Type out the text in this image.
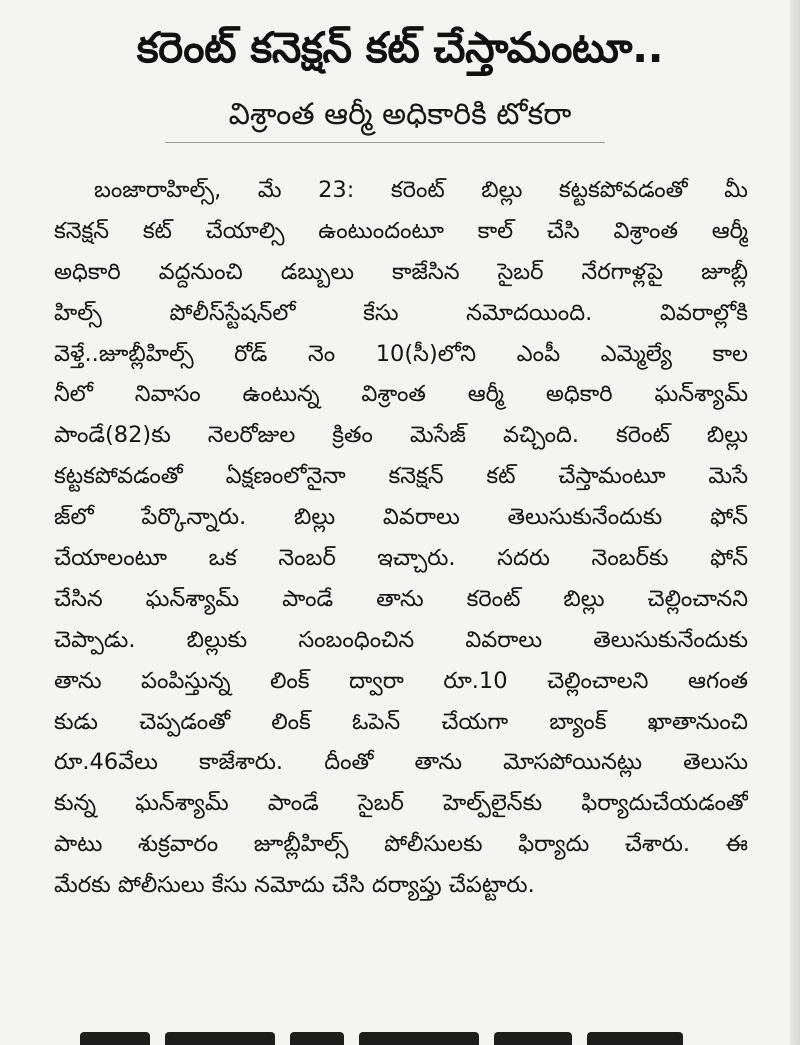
కరెంట్ కనెక్షన్ కట్ చేస్తామంటూ..
విశ్రాంత ఆర్మీ అధికారికి టోకరా
బంజారాహిల్స్, మే 23: కరెంట్ బిల్లు కట్టకపోవడంతో మీ
కనెక్షన్ కట్ చేయాల్సి ఉంటుందంటూ కాల్ చేసి విశ్రాంత ఆర్మీ
అధికారి వద్దనుంచి డబ్బులు కాజేసిన సైబర్ నేరగాళ్లపై జూబ్లీ
హిల్స్ పోలీస్‌స్టేషన్‌లో కేసు నమోదయింది. వివరాల్లోకి
వెళ్తే..జూబ్లీహిల్స్ రోడ్ నెం 10(సీ)లోని ఎంపీ ఎమ్మెల్యే కాల
నీలో నివాసం ఉంటున్న విశ్రాంత ఆర్మీ అధికారి ఘన్‌శ్యామ్
పాండే(82)కు నెలరోజుల క్రితం మెసేజ్ వచ్చింది. కరెంట్ బిల్లు
కట్టకపోవడంతో ఏక్షణంలోనైనా కనెక్షన్ కట్ చేస్తామంటూ మెసే
జ్‌లో పేర్కొన్నారు. బిల్లు వివరాలు తెలుసుకునేందుకు ఫోన్
చేయాలంటూ ఒక నెంబర్ ఇచ్చారు. సదరు నెంబర్‌కు ఫోన్
చేసిన ఘన్‌శ్యామ్ పాండే తాను కరెంట్ బిల్లు చెల్లించానని
చెప్పాడు. బిల్లుకు సంబంధించిన వివరాలు తెలుసుకునేందుకు
తాను పంపిస్తున్న లింక్ ద్వారా రూ.10 చెల్లించాలని ఆగంత
కుడు చెప్పడంతో లింక్ ఓపెన్ చేయగా బ్యాంక్ ఖాతానుంచి
రూ.46వేలు కాజేశారు. దీంతో తాను మోసపోయినట్లు తెలుసు
కున్న ఘన్‌శ్యామ్ పాండే సైబర్ హెల్ప్‌లైన్‌కు ఫిర్యాదుచేయడంతో
పాటు శుక్రవారం జూబ్లీహిల్స్ పోలీసులకు ఫిర్యాదు చేశారు. ఈ
మేరకు పోలీసులు కేసు నమోదు చేసి దర్యాప్తు చేపట్టారు.
